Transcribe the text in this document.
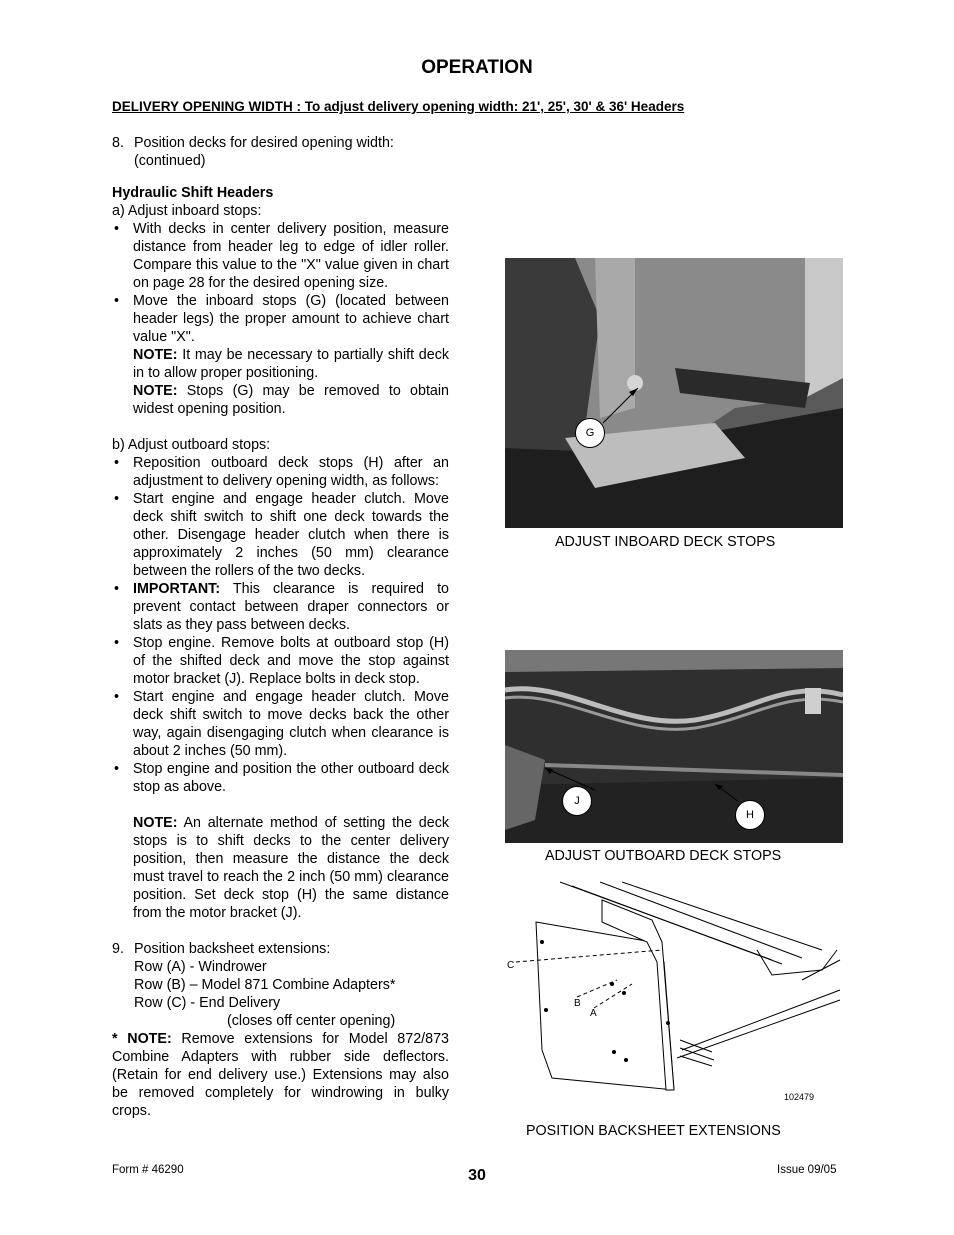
OPERATION
DELIVERY OPENING WIDTH : To adjust delivery opening width: 21', 25', 30' & 36' Headers
8. Position decks for desired opening width:
(continued)
Hydraulic Shift Headers
a) Adjust inboard stops:
• With decks in center delivery position, measure distance from header leg to edge of idler roller. Compare this value to the "X" value given in chart on page 28 for the desired opening size.
• Move the inboard stops (G) (located between header legs) the proper amount to achieve chart value "X".
NOTE: It may be necessary to partially shift deck in to allow proper positioning.
NOTE: Stops (G) may be removed to obtain widest opening position.
b) Adjust outboard stops:
• Reposition outboard deck stops (H) after an adjustment to delivery opening width, as follows:
• Start engine and engage header clutch. Move deck shift switch to shift one deck towards the other. Disengage header clutch when there is approximately 2 inches (50 mm) clearance between the rollers of the two decks.
• IMPORTANT: This clearance is required to prevent contact between draper connectors or slats as they pass between decks.
• Stop engine. Remove bolts at outboard stop (H) of the shifted deck and move the stop against motor bracket (J). Replace bolts in deck stop.
• Start engine and engage header clutch. Move deck shift switch to move decks back the other way, again disengaging clutch when clearance is about 2 inches (50 mm).
• Stop engine and position the other outboard deck stop as above.
NOTE: An alternate method of setting the deck stops is to shift decks to the center delivery position, then measure the distance the deck must travel to reach the 2 inch (50 mm) clearance position. Set deck stop (H) the same distance from the motor bracket (J).
9. Position backsheet extensions:
Row (A) - Windrower
Row (B) – Model 871 Combine Adapters*
Row (C) - End Delivery
(closes off center opening)
* NOTE: Remove extensions for Model 872/873 Combine Adapters with rubber side deflectors. (Retain for end delivery use.) Extensions may also be removed completely for windrowing in bulky crops.
G
ADJUST INBOARD DECK STOPS
J
H
ADJUST OUTBOARD DECK STOPS
C
B
A
102479
POSITION BACKSHEET EXTENSIONS
Form # 46290	30	Issue 09/05
